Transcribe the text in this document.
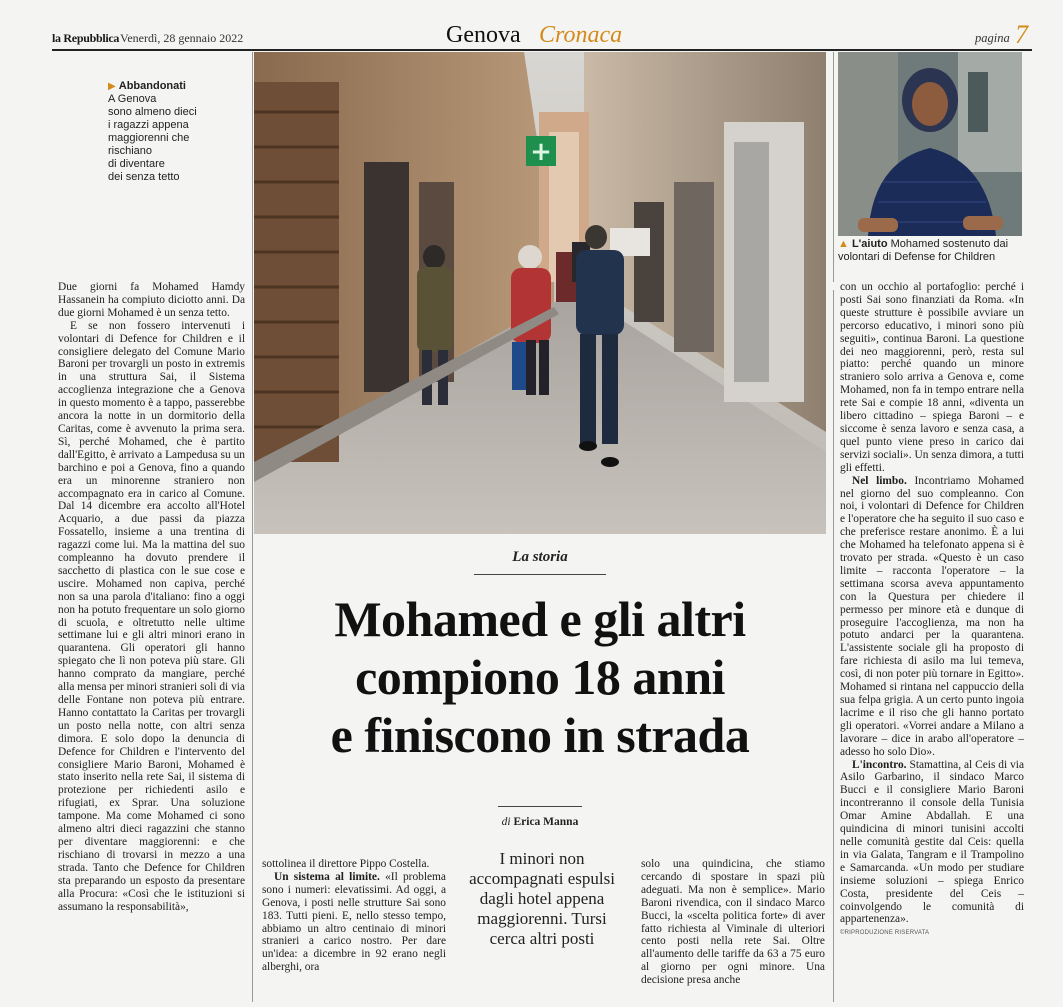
la Repubblica Venerdì, 28 gennaio 2022	Genova Cronaca	pagina 7
▶ Abbandonati
A Genova
sono almeno dieci
i ragazzi appena
maggiorenni che
rischiano
di diventare
dei senza tetto
+
▲ L'aiuto Mohamed sostenuto dai volontari di Defense for Children

Due giorni fa Mohamed Hamdy Hassanein ha compiuto diciotto anni. Da due giorni Mohamed è un senza tetto.

E se non fossero intervenuti i volontari di Defence for Children e il consigliere delegato del Comune Mario Baroni per trovargli un posto in extremis in una struttura Sai, il Sistema accoglienza integrazione che a Genova in questo momento è a tappo, passerebbe ancora la notte in un dormitorio della Caritas, come è avvenuto la prima sera. Sì, perché Mohamed, che è partito dall'Egitto, è arrivato a Lampedusa su un barchino e poi a Genova, fino a quando era un minorenne straniero non accompagnato era in carico al Comune. Dal 14 dicembre era accolto all'Hotel Acquario, a due passi da piazza Fossatello, insieme a una trentina di ragazzi come lui. Ma la mattina del suo compleanno ha dovuto prendere il sacchetto di plastica con le sue cose e uscire. Mohamed non capiva, perché non sa una parola d'italiano: fino a oggi non ha potuto frequentare un solo giorno di scuola, e oltretutto nelle ultime settimane lui e gli altri minori erano in quarantena. Gli operatori gli hanno spiegato che lì non poteva più stare. Gli hanno comprato da mangiare, perché alla mensa per minori stranieri soli di via delle Fontane non poteva più entrare. Hanno contattato la Caritas per trovargli un posto nella notte, con altri senza dimora. E solo dopo la denuncia di Defence for Children e l'intervento del consigliere Mario Baroni, Mohamed è stato inserito nella rete Sai, il sistema di protezione per richiedenti asilo e rifugiati, ex Sprar. Una soluzione tampone. Ma come Mohamed ci sono almeno altri dieci ragazzini che stanno per diventare maggiorenni: e che rischiano di trovarsi in mezzo a una strada. Tanto che Defence for Children sta preparando un esposto da presentare alla Procura: «Così che le istituzioni si assumano la responsabilità»,

La storia
Mohamed e gli altri
compiono 18 anni
e finiscono in strada
di Erica Manna

sottolinea il direttore Pippo Costella.

Un sistema al limite. «Il problema sono i numeri: elevatissimi. Ad oggi, a Genova, i posti nelle strutture Sai sono 183. Tutti pieni. E, nello stesso tempo, abbiamo un altro centinaio di minori stranieri a carico nostro. Per dare un'idea: a dicembre in 92 erano negli alberghi, ora

I minori non
accompagnati espulsi
dagli hotel appena
maggiorenni. Tursi
cerca altri posti

solo una quindicina, che stiamo cercando di spostare in spazi più adeguati. Ma non è semplice». Mario Baroni rivendica, con il sindaco Marco Bucci, la «scelta politica forte» di aver fatto richiesta al Viminale di ulteriori cento posti nella rete Sai. Oltre all'aumento delle tariffe da 63 a 75 euro al giorno per ogni minore. Una decisione presa anche

con un occhio al portafoglio: perché i posti Sai sono finanziati da Roma. «In queste strutture è possibile avviare un percorso educativo, i minori sono più seguiti», continua Baroni. La questione dei neo maggiorenni, però, resta sul piatto: perché quando un minore straniero solo arriva a Genova e, come Mohamed, non fa in tempo entrare nella rete Sai e compie 18 anni, «diventa un libero cittadino – spiega Baroni – e siccome è senza lavoro e senza casa, a quel punto viene preso in carico dai servizi sociali». Un senza dimora, a tutti gli effetti.

Nel limbo. Incontriamo Mohamed nel giorno del suo compleanno. Con noi, i volontari di Defence for Children e l'operatore che ha seguito il suo caso e che preferisce restare anonimo. È a lui che Mohamed ha telefonato appena si è trovato per strada. «Questo è un caso limite – racconta l'operatore – la settimana scorsa aveva appuntamento con la Questura per chiedere il permesso per minore età e dunque di proseguire l'accoglienza, ma non ha potuto andarci per la quarantena. L'assistente sociale gli ha proposto di fare richiesta di asilo ma lui temeva, così, di non poter più tornare in Egitto». Mohamed si rintana nel cappuccio della sua felpa grigia. A un certo punto ingoia lacrime e il riso che gli hanno portato gli operatori. «Vorrei andare a Milano a lavorare – dice in arabo all'operatore – adesso ho solo Dio».

L'incontro. Stamattina, al Ceis di via Asilo Garbarino, il sindaco Marco Bucci e il consigliere Mario Baroni incontreranno il console della Tunisia Omar Amine Abdallah. E una quindicina di minori tunisini accolti nelle comunità gestite dal Ceis: quella in via Galata, Tangram e il Trampolino e Samarcanda. «Un modo per studiare insieme soluzioni – spiega Enrico Costa, presidente del Ceis – coinvolgendo le comunità di appartenenza».

©RIPRODUZIONE RISERVATA
